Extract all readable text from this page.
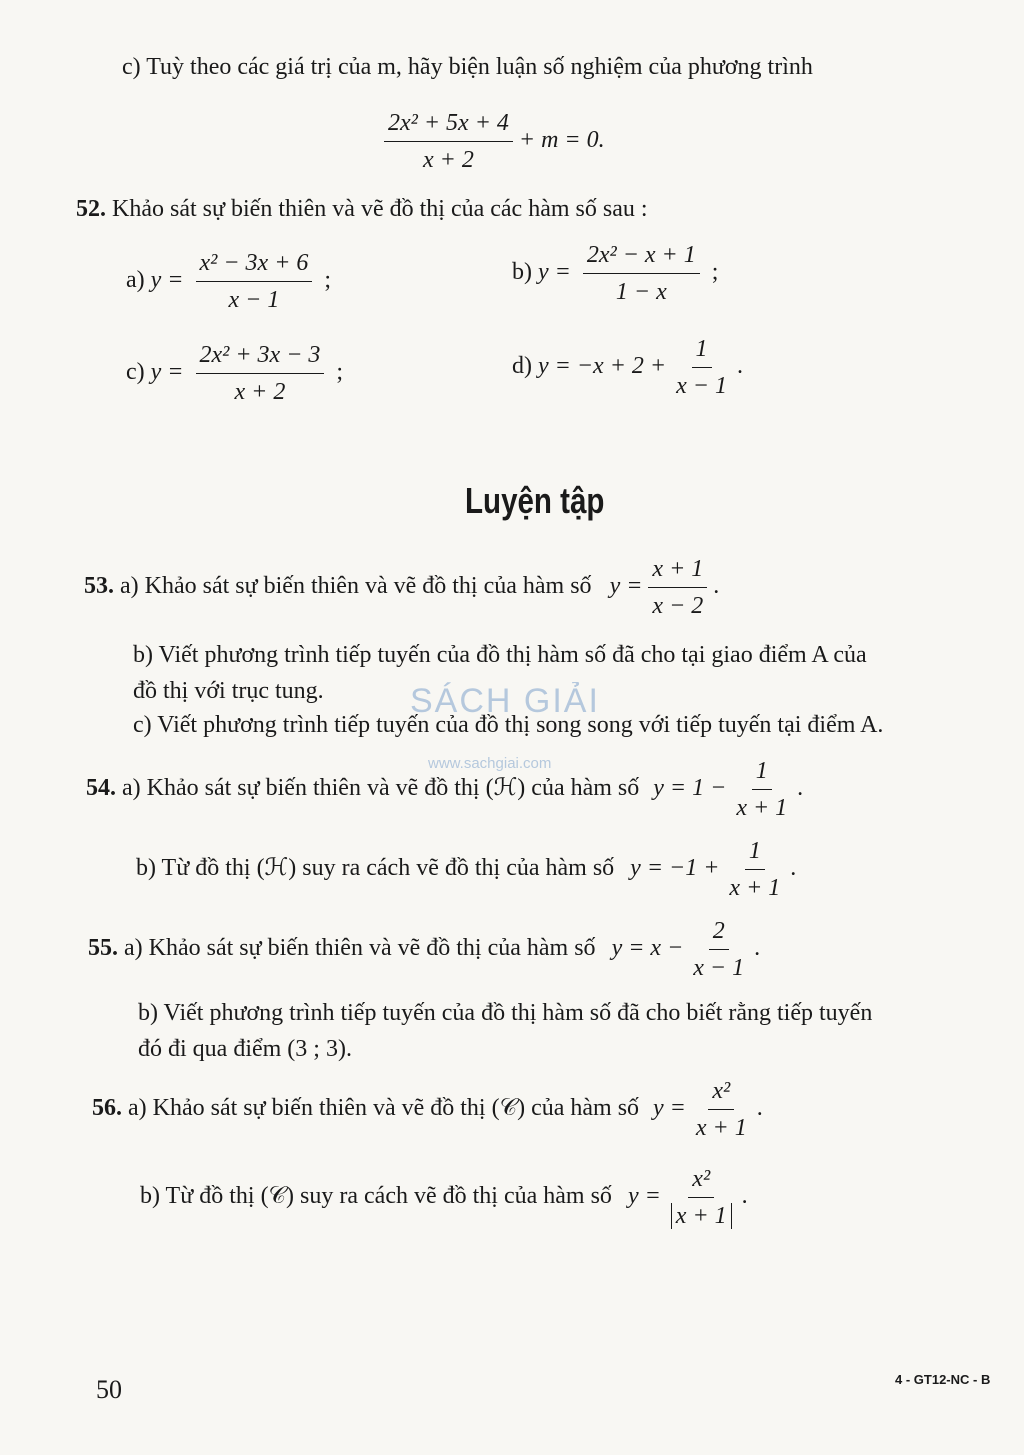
c) Tuỳ theo các giá trị của m, hãy biện luận số nghiệm của phương trình
$\frac{\text{2x² + 5x + 4}}{x + 2} + m = 0$.
52. Khảo sát sự biến thiên và vẽ đồ thị của các hàm số sau :
a) $y = \frac{\text{x² − 3x + 6}}{x - 1}$ ;	b) $y = \frac{\text{2x² − x + 1}}{1 - x}$ ;
c) $y = \frac{\text{2x² + 3x − 3}}{x + 2}$ ;	d) $y = -x + 2 + \frac{1}{x - 1}$ .
Luyện tập
53. a) Khảo sát sự biến thiên và vẽ đồ thị của hàm số $y = \frac{x + 1}{x - 2}$ .
b) Viết phương trình tiếp tuyến của đồ thị hàm số đã cho tại giao điểm A của
đồ thị với trục tung.	SÁCH GIẢI
www.sachgiai.com
c) Viết phương trình tiếp tuyến của đồ thị song song với tiếp tuyến tại điểm A.
54. a) Khảo sát sự biến thiên và vẽ đồ thị (ℋ) của hàm số $y = 1 - \frac{1}{x + 1}$ .
b) Từ đồ thị (ℋ) suy ra cách vẽ đồ thị của hàm số $y = -1 + \frac{1}{x + 1}$ .
55. a) Khảo sát sự biến thiên và vẽ đồ thị của hàm số $y = x - \frac{2}{x - 1}$ .
b) Viết phương trình tiếp tuyến của đồ thị hàm số đã cho biết rằng tiếp tuyến
đó đi qua điểm (3 ; 3).
56. a) Khảo sát sự biến thiên và vẽ đồ thị (𝒞) của hàm số $y = \frac{\text{x²}}{x + 1}$ .
b) Từ đồ thị (𝒞) suy ra cách vẽ đồ thị của hàm số $y = \frac{\text{x²}}{x + 1}$ .
50	4 - GT12-NC - B
